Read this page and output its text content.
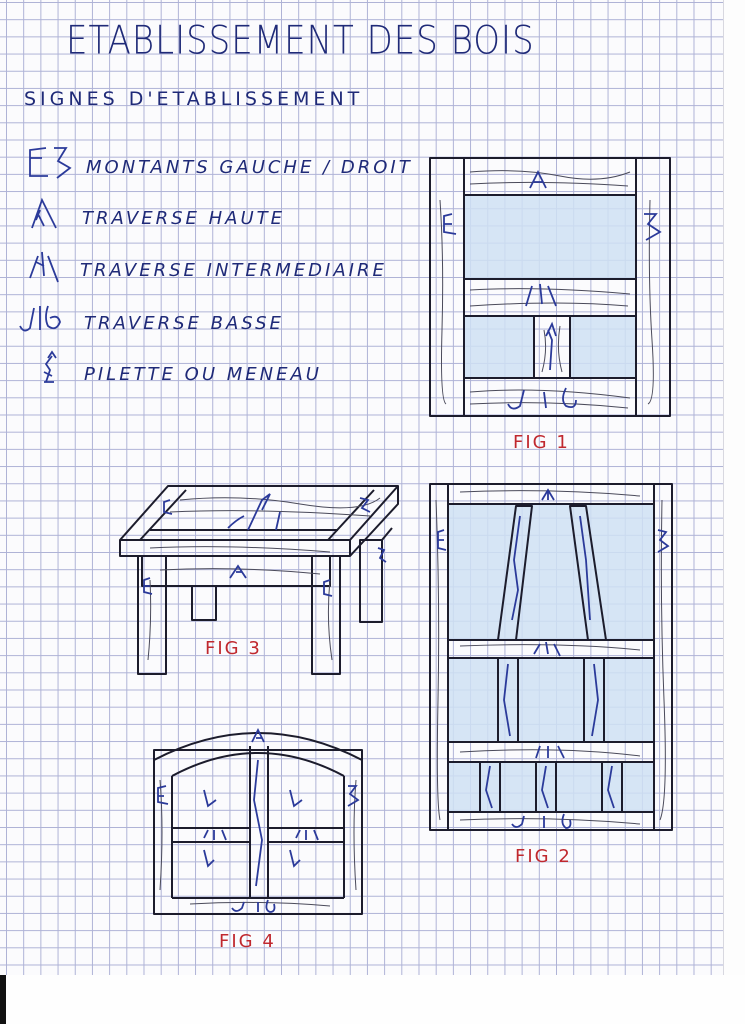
ETABLISSEMENT DES BOIS
SIGNES D'ETABLISSEMENT
MONTANTS GAUCHE / DROIT
TRAVERSE HAUTE
TRAVERSE INTERMEDIAIRE
TRAVERSE BASSE
PILETTE OU MENEAU
FIG 1
FIG 2
FIG 3
FIG 4
